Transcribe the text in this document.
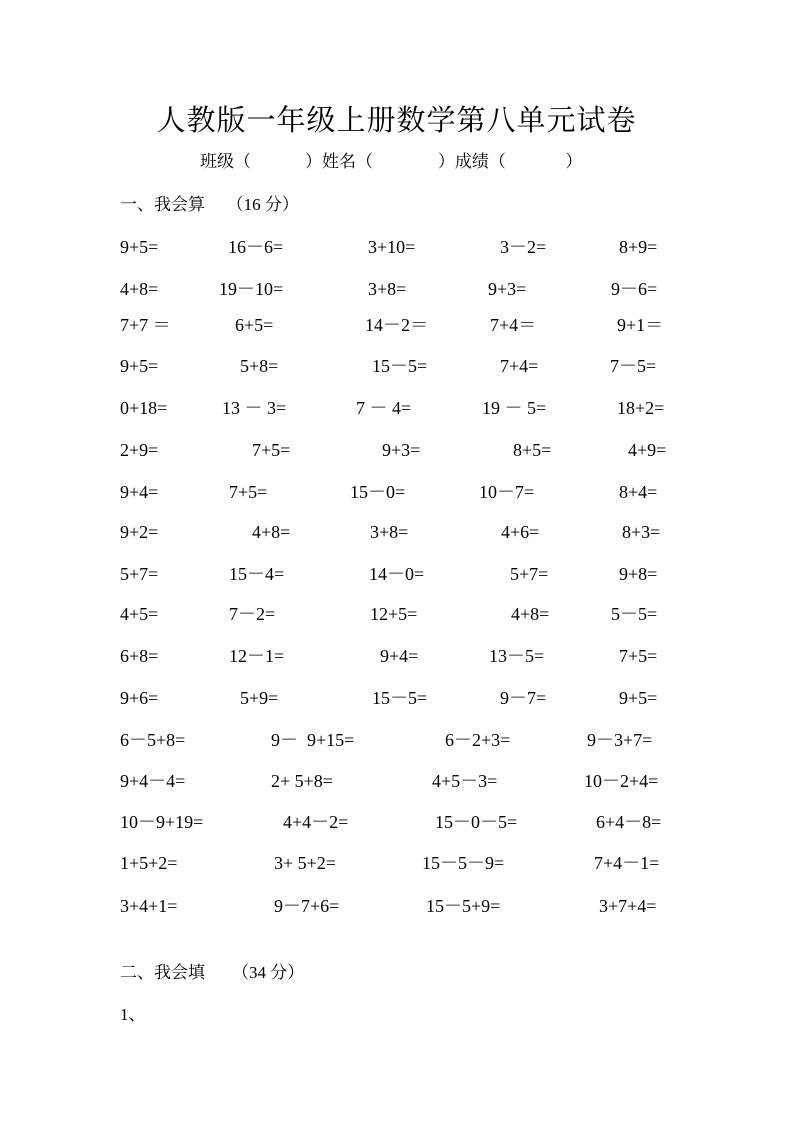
人教版一年级上册数学第八单元试卷
班级（	）姓名（	）成绩（	）
一、我会算 （16 分）
9+5=	16－6=	3+10=	3－2=	8+9=
4+8=	19－10=	3+8=	9+3=	9－6=
7+7 ＝	6+5=	14－2＝	7+4＝	9+1＝
9+5=	5+8=	15－5=	7+4=	7－5=
0+18=	13 － 3=	7 － 4=	19 － 5=	18+2=
2+9=	7+5=	9+3=	8+5=	4+9=
9+4=	7+5=	15－0=	10－7=	8+4=
9+2=	4+8=	3+8=	4+6=	8+3=
5+7=	15－4=	14－0=	5+7=	9+8=
4+5=	7－2=	12+5=	4+8=	5－5=
6+8=	12－1=	9+4=	13－5=	7+5=
9+6=	5+9=	15－5=	9－7=	9+5=
6－5+8=	9－  9+15=	6－2+3=	9－3+7=
9+4－4=	2+ 5+8=	4+5－3=	10－2+4=
10－9+19=	4+4－2=	15－0－5=	6+4－8=
1+5+2=	3+ 5+2=	15－5－9=	7+4－1=
3+4+1=	9－7+6=	15－5+9=	3+7+4=
二、我会填 （34 分）
1、
